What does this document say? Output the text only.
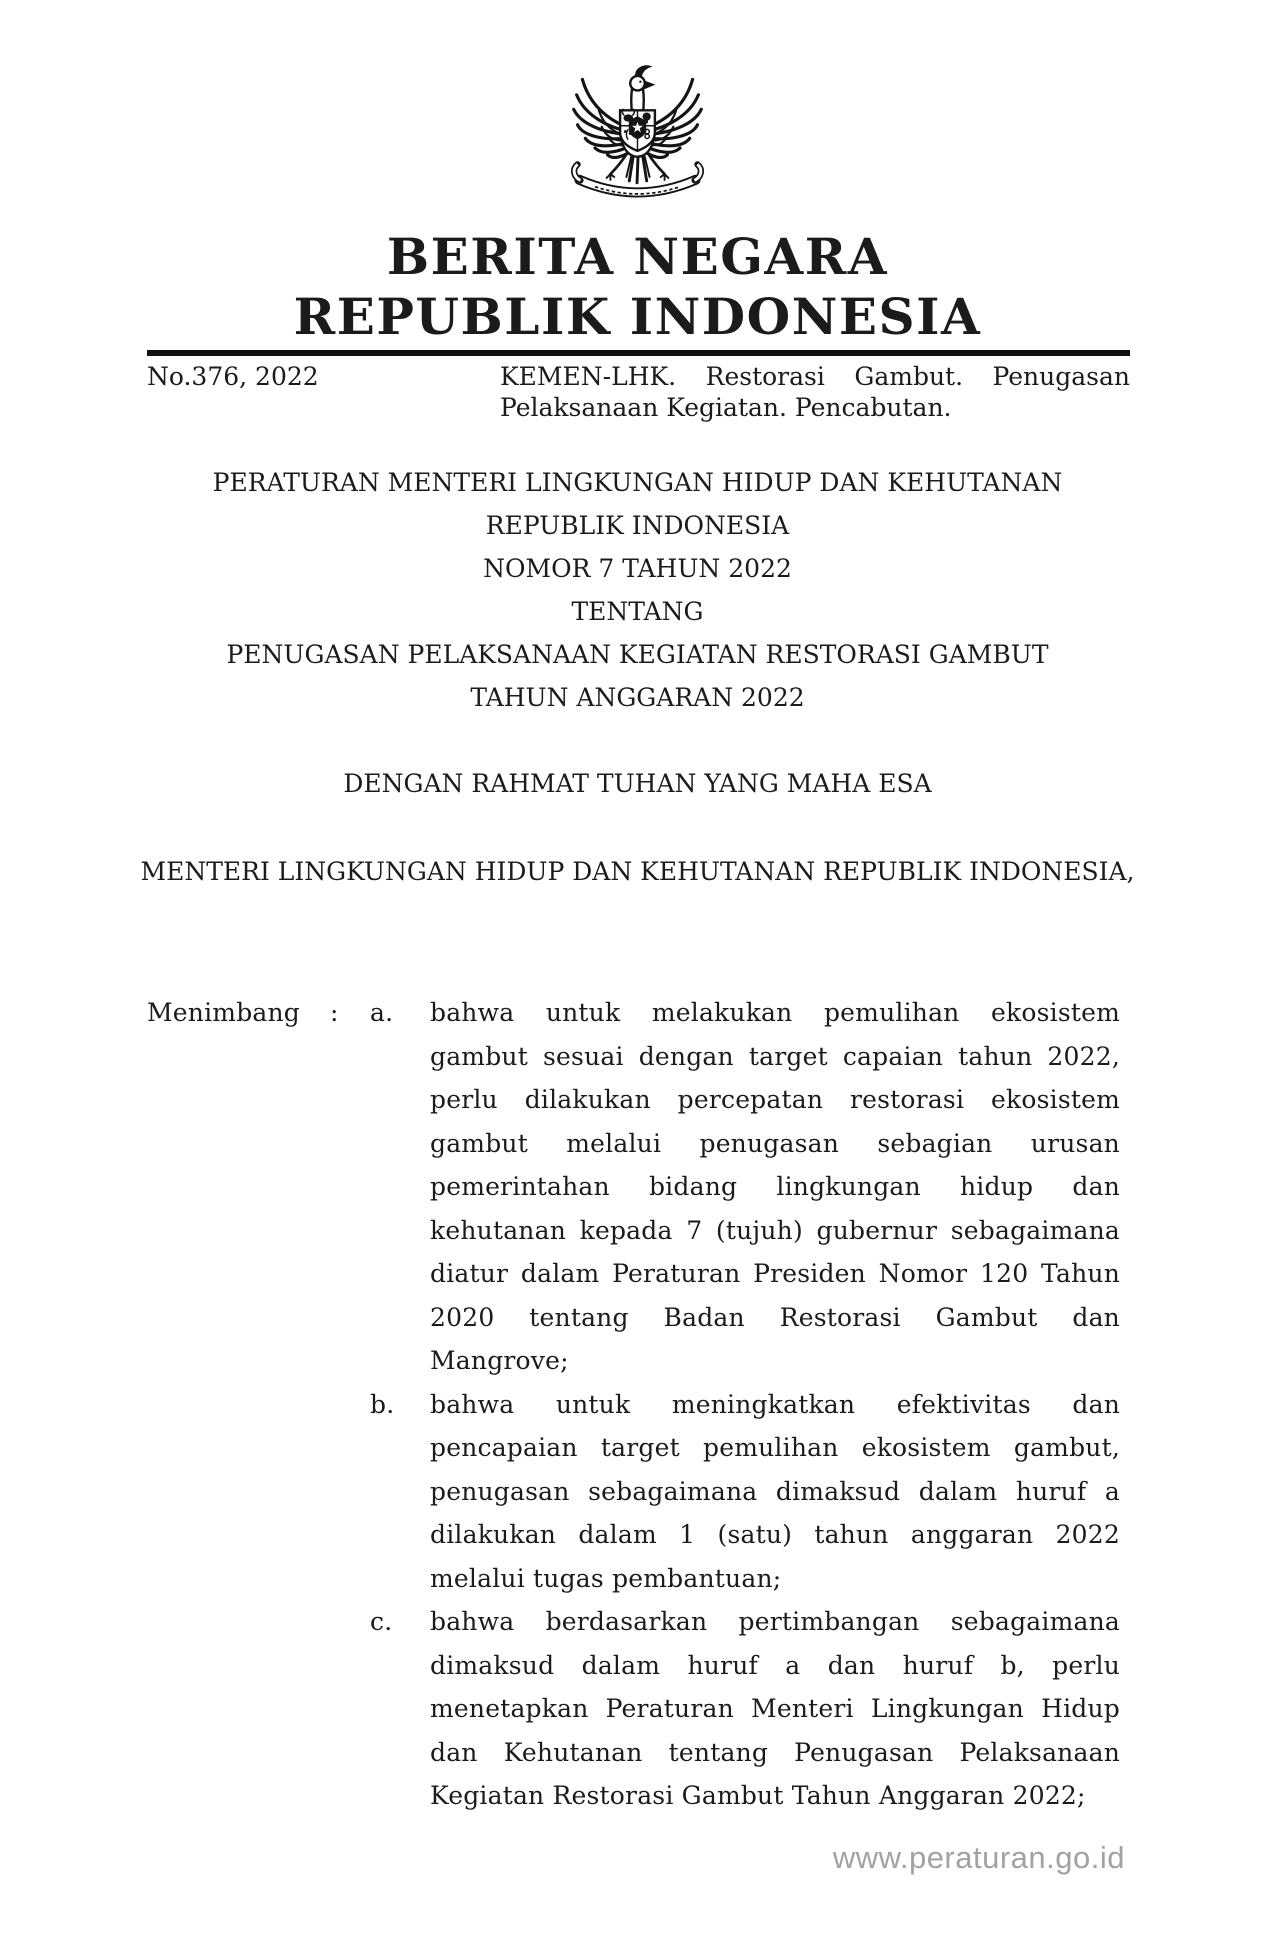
BERITA NEGARA
REPUBLIK INDONESIA
No.376, 2022	KEMEN-LHK. Restorasi Gambut. Penugasan Pelaksanaan Kegiatan. Pencabutan.
PERATURAN MENTERI LINGKUNGAN HIDUP DAN KEHUTANAN
REPUBLIK INDONESIA
NOMOR 7 TAHUN 2022
TENTANG
PENUGASAN PELAKSANAAN KEGIATAN RESTORASI GAMBUT
TAHUN ANGGARAN 2022
DENGAN RAHMAT TUHAN YANG MAHA ESA
MENTERI LINGKUNGAN HIDUP DAN KEHUTANAN REPUBLIK INDONESIA,
Menimbang	:	a.	bahwa untuk melakukan pemulihan ekosistem gambut sesuai dengan target capaian tahun 2022, perlu dilakukan percepatan restorasi ekosistem gambut melalui penugasan sebagian urusan pemerintahan bidang lingkungan hidup dan kehutanan kepada 7 (tujuh) gubernur sebagaimana diatur dalam Peraturan Presiden Nomor 120 Tahun 2020 tentang Badan Restorasi Gambut dan Mangrove;
b.	bahwa untuk meningkatkan efektivitas dan pencapaian target pemulihan ekosistem gambut, penugasan sebagaimana dimaksud dalam huruf a dilakukan dalam 1 (satu) tahun anggaran 2022 melalui tugas pembantuan;
c.	bahwa berdasarkan pertimbangan sebagaimana dimaksud dalam huruf a dan huruf b, perlu menetapkan Peraturan Menteri Lingkungan Hidup dan Kehutanan tentang Penugasan Pelaksanaan Kegiatan Restorasi Gambut Tahun Anggaran 2022;
www.peraturan.go.id
